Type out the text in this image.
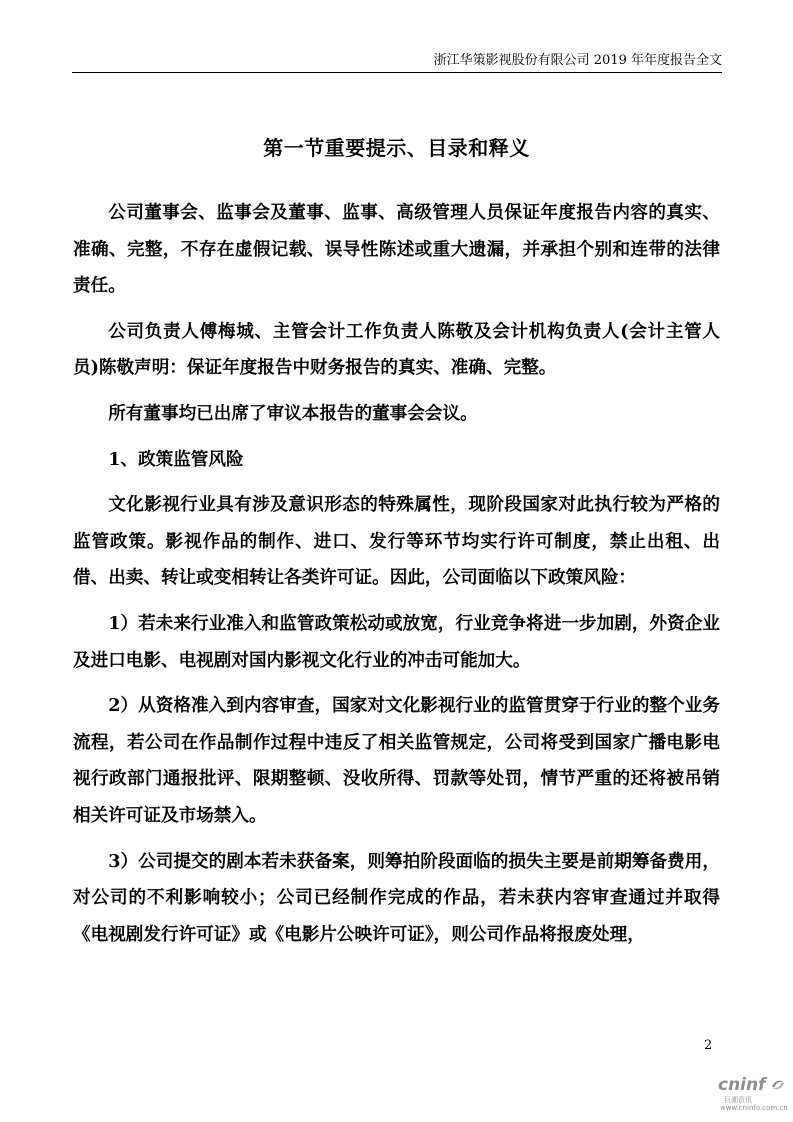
浙江华策影视股份有限公司 2019 年年度报告全文
第一节重要提示、目录和释义

公司董事会、监事会及董事、监事、高级管理人员保证年度报告内容的真实、准确、完整，不存在虚假记载、误导性陈述或重大遗漏，并承担个别和连带的法律责任。

公司负责人傅梅城、主管会计工作负责人陈敬及会计机构负责人(会计主管人员)陈敬声明：保证年度报告中财务报告的真实、准确、完整。

所有董事均已出席了审议本报告的董事会会议。

1、政策监管风险

文化影视行业具有涉及意识形态的特殊属性，现阶段国家对此执行较为严格的监管政策。影视作品的制作、进口、发行等环节均实行许可制度，禁止出租、出借、出卖、转让或变相转让各类许可证。因此，公司面临以下政策风险：

1）若未来行业准入和监管政策松动或放宽，行业竞争将进一步加剧，外资企业及进口电影、电视剧对国内影视文化行业的冲击可能加大。

2）从资格准入到内容审查，国家对文化影视行业的监管贯穿于行业的整个业务流程，若公司在作品制作过程中违反了相关监管规定，公司将受到国家广播电影电视行政部门通报批评、限期整顿、没收所得、罚款等处罚，情节严重的还将被吊销相关许可证及市场禁入。

3）公司提交的剧本若未获备案，则筹拍阶段面临的损失主要是前期筹备费用，对公司的不利影响较小；公司已经制作完成的作品，若未获内容审查通过并取得《电视剧发行许可证》或《电影片公映许可证》，则公司作品将报废处理，

2
cninf
巨潮资讯
www.cninfo.com.cn
